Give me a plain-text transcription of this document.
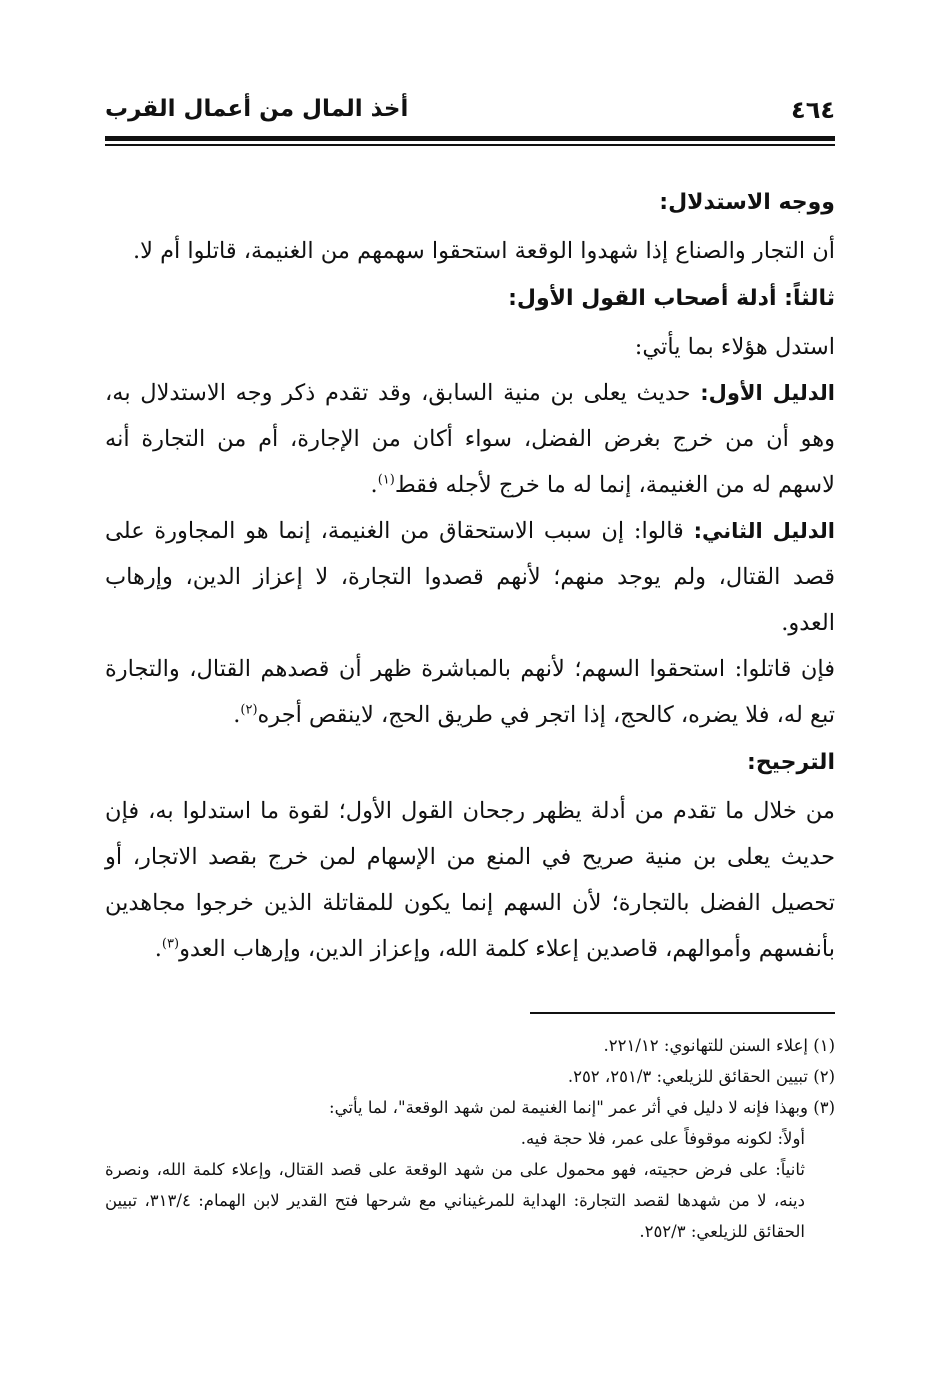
٤٦٤
أخذ المال من أعمال القرب

ووجه الاستدلال:

أن التجار والصناع إذا شهدوا الوقعة استحقوا سهمهم من الغنيمة، قاتلوا أم لا.

ثالثاً: أدلة أصحاب القول الأول:

استدل هؤلاء بما يأتي:

الدليل الأول: حديث يعلى بن منية السابق، وقد تقدم ذكر وجه الاستدلال به، وهو أن من خرج بغرض الفضل، سواء أكان من الإجارة، أم من التجارة أنه لاسهم له من الغنيمة، إنما له ما خرج لأجله فقط$^{(١)}$.

الدليل الثاني: قالوا: إن سبب الاستحقاق من الغنيمة، إنما هو المجاورة على قصد القتال، ولم يوجد منهم؛ لأنهم قصدوا التجارة، لا إعزاز الدين، وإرهاب العدو.

فإن قاتلوا: استحقوا السهم؛ لأنهم بالمباشرة ظهر أن قصدهم القتال، والتجارة تبع له، فلا يضره، كالحج، إذا اتجر في طريق الحج، لاينقص أجره$^{(٢)}$.

الترجيح:

من خلال ما تقدم من أدلة يظهر رجحان القول الأول؛ لقوة ما استدلوا به، فإن حديث يعلى بن منية صريح في المنع من الإسهام لمن خرج بقصد الاتجار، أو تحصيل الفضل بالتجارة؛ لأن السهم إنما يكون للمقاتلة الذين خرجوا مجاهدين بأنفسهم وأموالهم، قاصدين إعلاء كلمة الله، وإعزاز الدين، وإرهاب العدو$^{(٣)}$.

(١) إعلاء السنن للتهانوي: ٢٢١/١٢.

(٢) تبيين الحقائق للزيلعي: ٢٥١/٣، ٢٥٢.

(٣) وبهذا فإنه لا دليل في أثر عمر "إنما الغنيمة لمن شهد الوقعة"، لما يأتي:

أولاً: لكونه موقوفاً على عمر، فلا حجة فيه.

ثانياً: على فرض حجيته، فهو محمول على من شهد الوقعة على قصد القتال، وإعلاء كلمة الله، ونصرة دينه، لا من شهدها لقصد التجارة: الهداية للمرغيناني مع شرحها فتح القدير لابن الهمام: ٣١٣/٤، تبيين الحقائق للزيلعي: ٢٥٢/٣.
